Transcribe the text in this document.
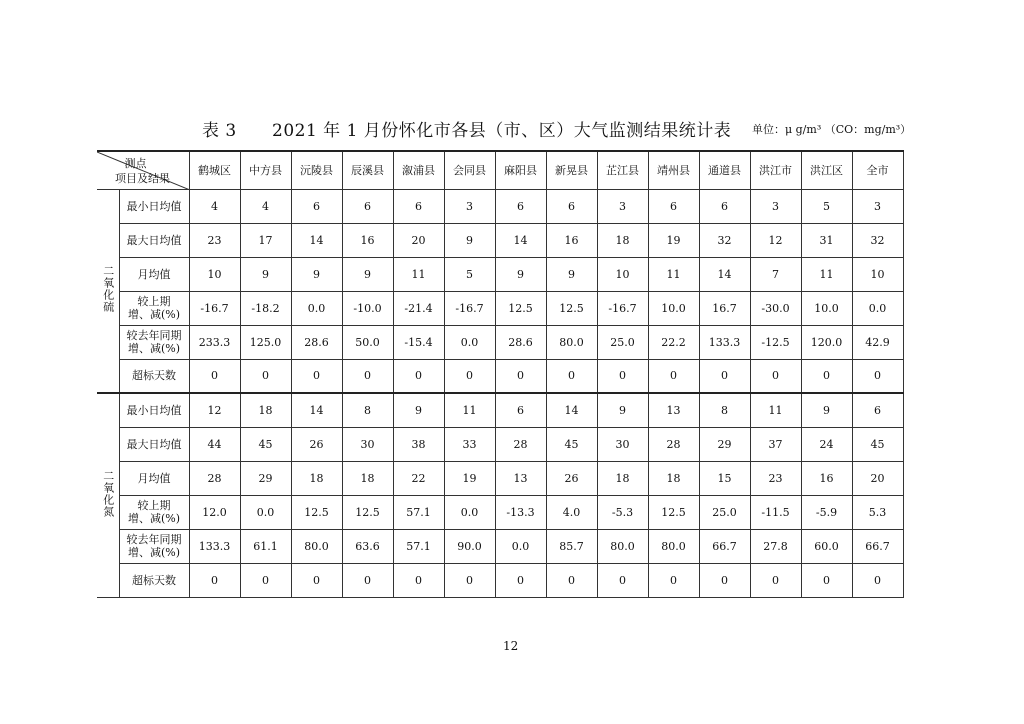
表 3 2021 年 1 月份怀化市各县（市、区）大气监测结果统计表 单位：μ g/m³ （CO：mg/m³）
测点
项目及结果		鹤城区	中方县	沅陵县	辰溪县	溆浦县	会同县	麻阳县	新晃县	芷江县	靖州县	通道县	洪江市	洪江区	全市
二氧化硫	最小日均值	4	4	6	6	6	3	6	6	3	6	6	3	5	3
	最大日均值	23	17	14	16	20	9	14	16	18	19	32	12	31	32
	月均值	10	9	9	9	11	5	9	9	10	11	14	7	11	10
	较上期
增、减(%)	-16.7	-18.2	0.0	-10.0	-21.4	-16.7	12.5	12.5	-16.7	10.0	16.7	-30.0	10.0	0.0
	较去年同期
增、减(%)	233.3	125.0	28.6	50.0	-15.4	0.0	28.6	80.0	25.0	22.2	133.3	-12.5	120.0	42.9
	超标天数	0	0	0	0	0	0	0	0	0	0	0	0	0	0
二氧化氮	最小日均值	12	18	14	8	9	11	6	14	9	13	8	11	9	6
	最大日均值	44	45	26	30	38	33	28	45	30	28	29	37	24	45
	月均值	28	29	18	18	22	19	13	26	18	18	15	23	16	20
	较上期
增、减(%)	12.0	0.0	12.5	12.5	57.1	0.0	-13.3	4.0	-5.3	12.5	25.0	-11.5	-5.9	5.3
	较去年同期
增、减(%)	133.3	61.1	80.0	63.6	57.1	90.0	0.0	85.7	80.0	80.0	66.7	27.8	60.0	66.7
	超标天数	0	0	0	0	0	0	0	0	0	0	0	0	0	0
12
